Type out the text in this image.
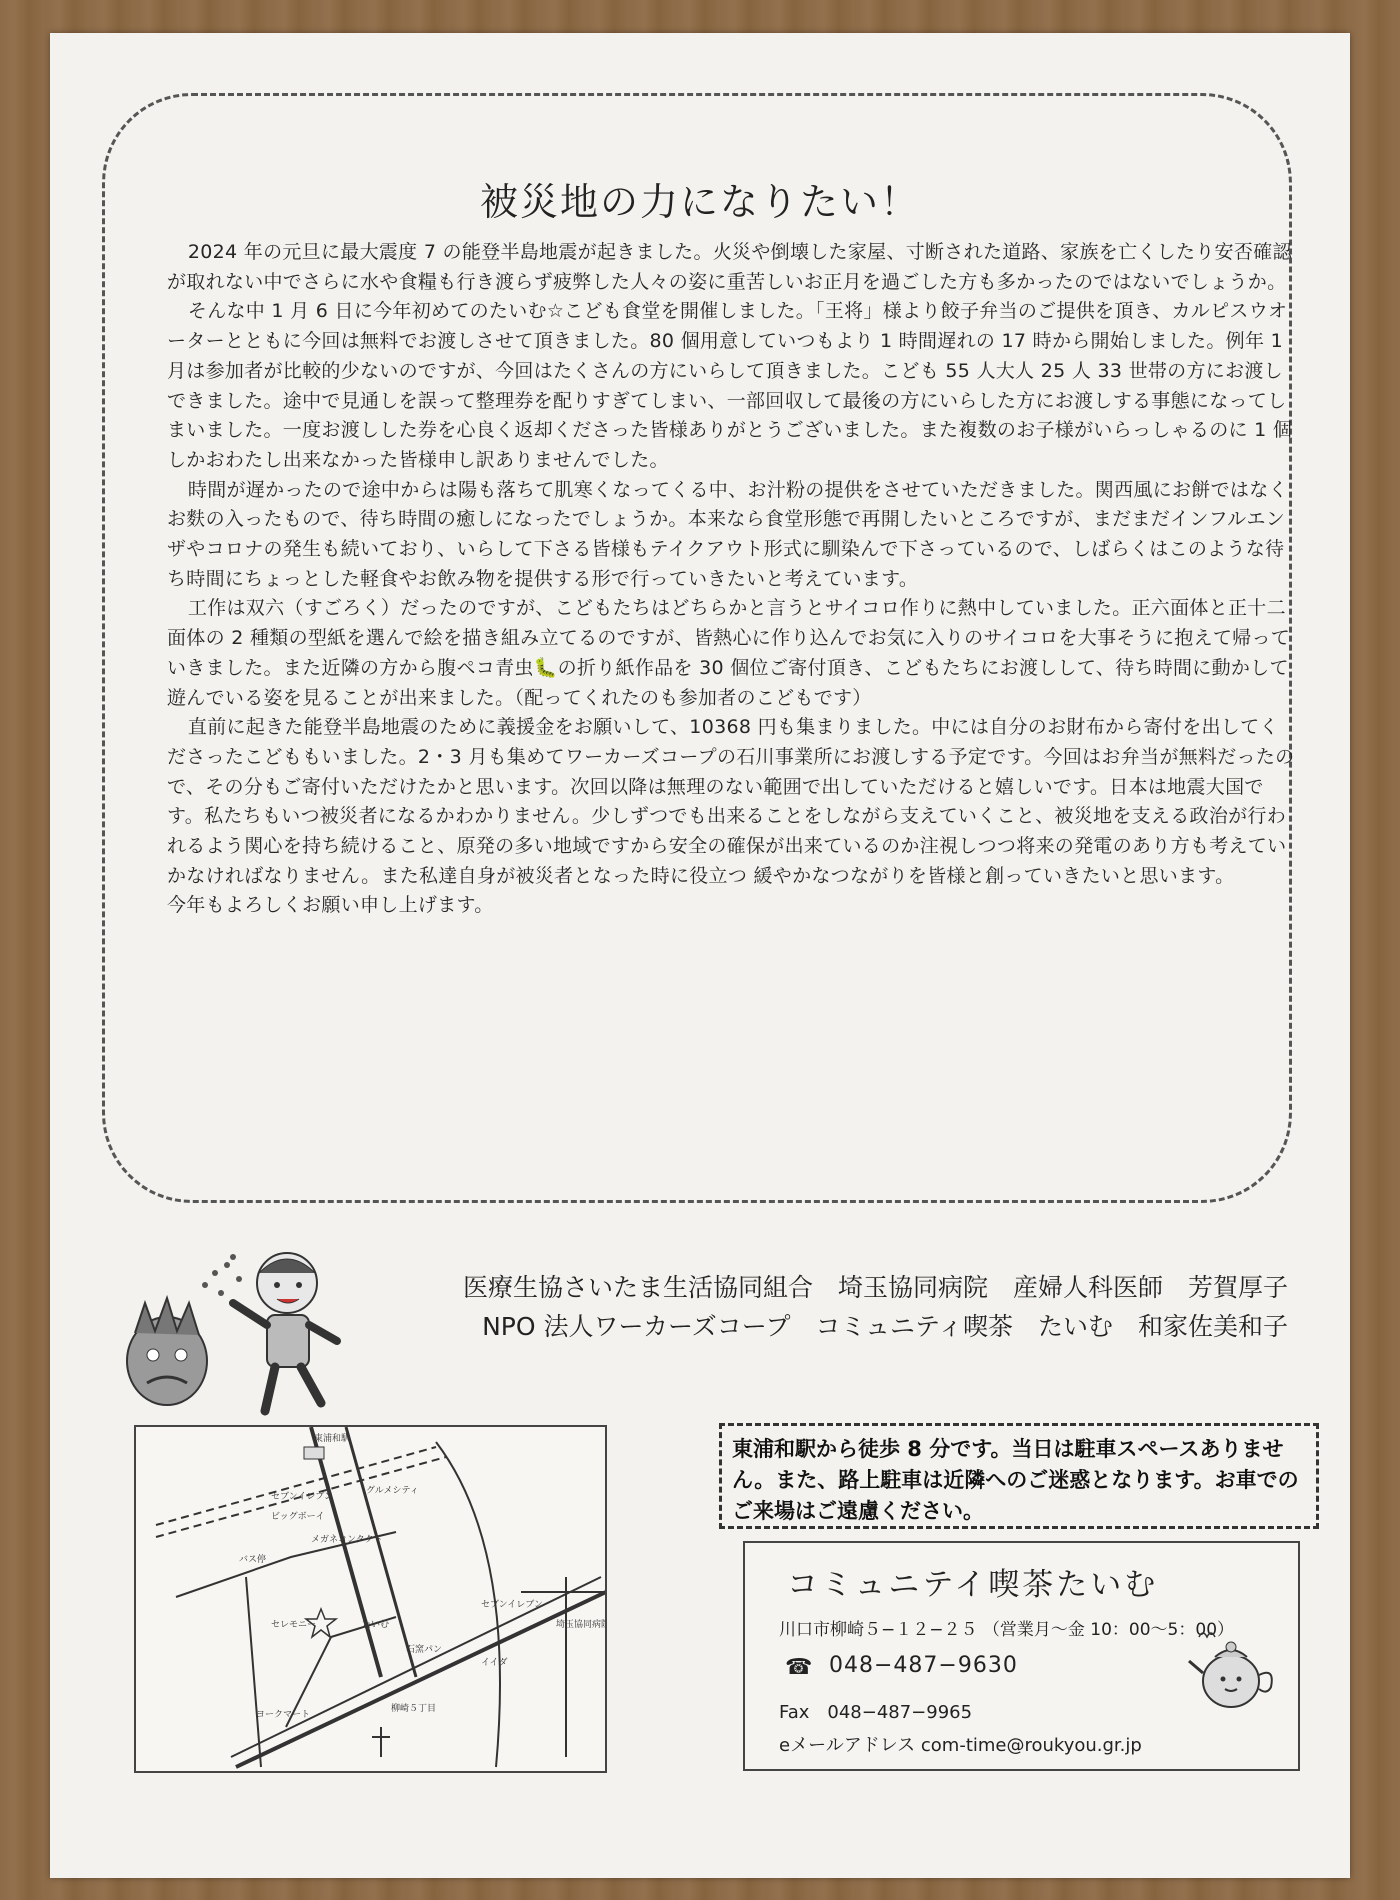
被災地の力になりたい！

2024 年の元旦に最大震度 7 の能登半島地震が起きました。火災や倒壊した家屋、寸断された道路、家族を亡くしたり安否確認が取れない中でさらに水や食糧も行き渡らず疲弊した人々の姿に重苦しいお正月を過ごした方も多かったのではないでしょうか。

そんな中 1 月 6 日に今年初めてのたいむ☆こども食堂を開催しました。「王将」様より餃子弁当のご提供を頂き、カルピスウオーターとともに今回は無料でお渡しさせて頂きました。80 個用意していつもより 1 時間遅れの 17 時から開始しました。例年 1 月は参加者が比較的少ないのですが、今回はたくさんの方にいらして頂きました。こども 55 人大人 25 人 33 世帯の方にお渡しできました。途中で見通しを誤って整理券を配りすぎてしまい、一部回収して最後の方にいらした方にお渡しする事態になってしまいました。一度お渡しした券を心良く返却くださった皆様ありがとうございました。また複数のお子様がいらっしゃるのに 1 個しかおわたし出来なかった皆様申し訳ありませんでした。

時間が遅かったので途中からは陽も落ちて肌寒くなってくる中、お汁粉の提供をさせていただきました。関西風にお餅ではなくお麩の入ったもので、待ち時間の癒しになったでしょうか。本来なら食堂形態で再開したいところですが、まだまだインフルエンザやコロナの発生も続いており、いらして下さる皆様もテイクアウト形式に馴染んで下さっているので、しばらくはこのような待ち時間にちょっとした軽食やお飲み物を提供する形で行っていきたいと考えています。

工作は双六（すごろく）だったのですが、こどもたちはどちらかと言うとサイコロ作りに熱中していました。正六面体と正十二面体の 2 種類の型紙を選んで絵を描き組み立てるのですが、皆熱心に作り込んでお気に入りのサイコロを大事そうに抱えて帰っていきました。また近隣の方から腹ペコ青虫🐛の折り紙作品を 30 個位ご寄付頂き、こどもたちにお渡しして、待ち時間に動かして遊んでいる姿を見ることが出来ました。（配ってくれたのも参加者のこどもです）

直前に起きた能登半島地震のために義援金をお願いして、10368 円も集まりました。中には自分のお財布から寄付を出してくださったこどももいました。2・3 月も集めてワーカーズコープの石川事業所にお渡しする予定です。今回はお弁当が無料だったので、その分もご寄付いただけたかと思います。次回以降は無理のない範囲で出していただけると嬉しいです。日本は地震大国です。私たちもいつ被災者になるかわかりません。少しずつでも出来ることをしながら支えていくこと、被災地を支える政治が行われるよう関心を持ち続けること、原発の多い地域ですから安全の確保が出来ているのか注視しつつ将来の発電のあり方も考えていかなければなりません。また私達自身が被災者となった時に役立つ 緩やかなつながりを皆様と創っていきたいと思います。

今年もよろしくお願い申し上げます。

医療生協さいたま生活協同組合　埼玉協同病院　産婦人科医師　芳賀厚子
NPO 法人ワーカーズコープ　コミュニティ喫茶　たいむ　和家佐美和子
東浦和駅
グルメシティ
セブンイレブン
ビッグボーイ
メガネコンタクト
バス停
セレモニー	たいむ
セブンイレブン
埼玉協同病院
石窯パン
イイダ
ヨークマート
柳崎５丁目
東浦和駅から徒歩 8 分です。当日は駐車スペースありません。また、路上駐車は近隣へのご迷惑となります。お車でのご来場はご遠慮ください。
コミュニテイ喫茶たいむ
川口市柳崎５−１２−２５ （営業月〜金 10：00〜5：00）
☎ 048−487−9630
Fax　048−487−9965
eメールアドレス com-time@roukyou.gr.jp
